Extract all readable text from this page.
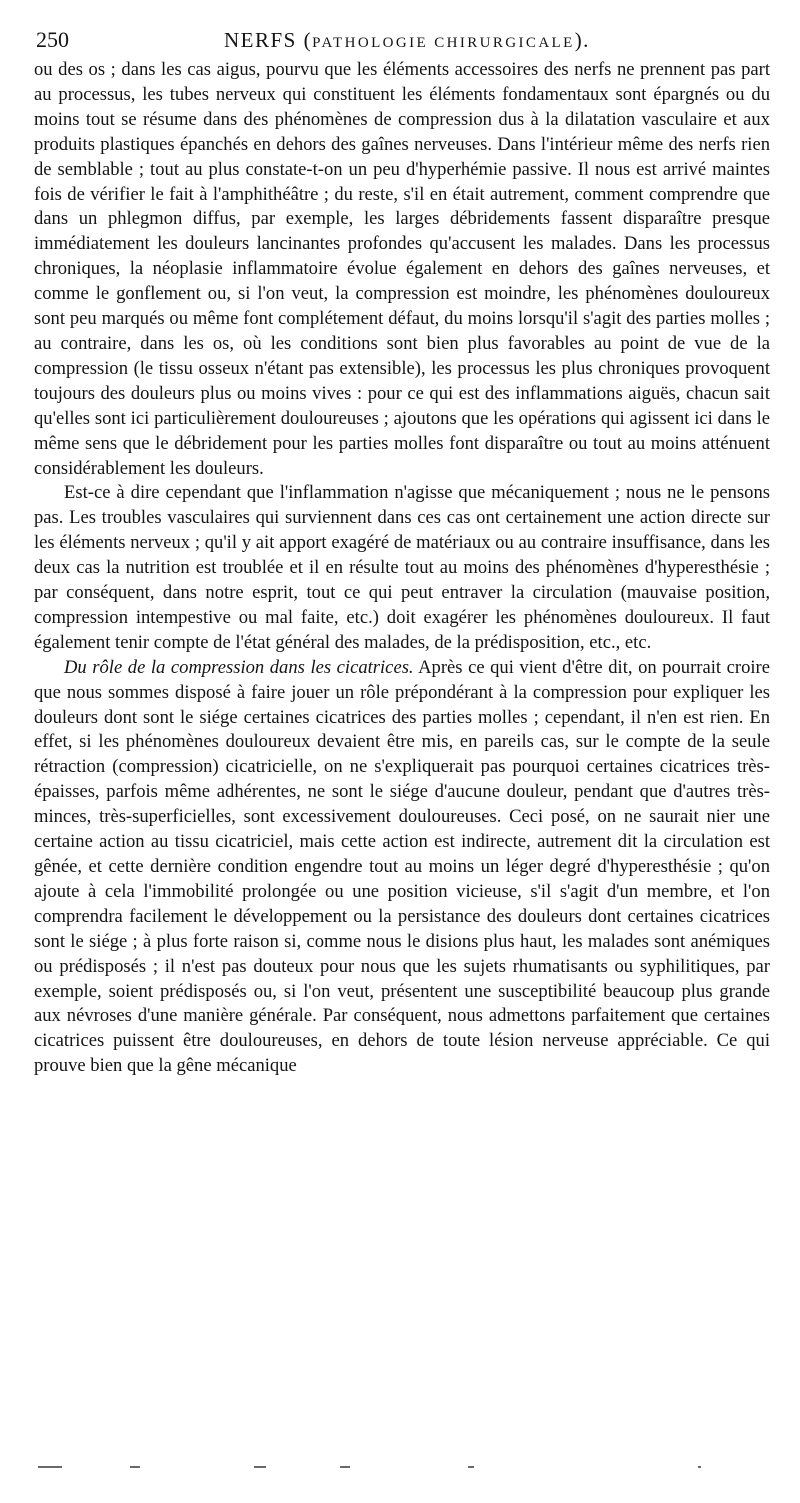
250	NERFS (PATHOLOGIE CHIRURGICALE).

ou des os ; dans les cas aigus, pourvu que les éléments accessoires des nerfs ne prennent pas part au processus, les tubes nerveux qui constituent les éléments fondamentaux sont épargnés ou du moins tout se résume dans des phénomènes de compression dus à la dilatation vasculaire et aux produits plastiques épanchés en dehors des gaînes nerveuses. Dans l'intérieur même des nerfs rien de semblable ; tout au plus constate-t-on un peu d'hyperhémie passive. Il nous est arrivé maintes fois de vérifier le fait à l'amphithéâtre ; du reste, s'il en était autrement, comment comprendre que dans un phlegmon diffus, par exemple, les larges débridements fassent disparaître presque immédiatement les douleurs lancinantes profondes qu'accusent les malades. Dans les processus chroniques, la néoplasie inflammatoire évolue également en dehors des gaînes nerveuses, et comme le gonflement ou, si l'on veut, la compression est moindre, les phénomènes douloureux sont peu marqués ou même font complétement défaut, du moins lorsqu'il s'agit des parties molles ; au contraire, dans les os, où les conditions sont bien plus favorables au point de vue de la compression (le tissu osseux n'étant pas extensible), les processus les plus chroniques provoquent toujours des douleurs plus ou moins vives : pour ce qui est des inflammations aiguës, chacun sait qu'elles sont ici particulièrement douloureuses ; ajoutons que les opérations qui agissent ici dans le même sens que le débridement pour les parties molles font disparaître ou tout au moins atténuent considérablement les douleurs.

Est-ce à dire cependant que l'inflammation n'agisse que mécaniquement ; nous ne le pensons pas. Les troubles vasculaires qui surviennent dans ces cas ont certainement une action directe sur les éléments nerveux ; qu'il y ait apport exagéré de matériaux ou au contraire insuffisance, dans les deux cas la nutrition est troublée et il en résulte tout au moins des phénomènes d'hyperesthésie ; par conséquent, dans notre esprit, tout ce qui peut entraver la circulation (mauvaise position, compression intempestive ou mal faite, etc.) doit exagérer les phénomènes douloureux. Il faut également tenir compte de l'état général des malades, de la prédisposition, etc., etc.

Du rôle de la compression dans les cicatrices. Après ce qui vient d'être dit, on pourrait croire que nous sommes disposé à faire jouer un rôle prépondérant à la compression pour expliquer les douleurs dont sont le siége certaines cicatrices des parties molles ; cependant, il n'en est rien. En effet, si les phénomènes douloureux devaient être mis, en pareils cas, sur le compte de la seule rétraction (compression) cicatricielle, on ne s'expliquerait pas pourquoi certaines cicatrices très-épaisses, parfois même adhérentes, ne sont le siége d'aucune douleur, pendant que d'autres très-minces, très-superficielles, sont excessivement douloureuses. Ceci posé, on ne saurait nier une certaine action au tissu cicatriciel, mais cette action est indirecte, autrement dit la circulation est gênée, et cette dernière condition engendre tout au moins un léger degré d'hyperesthésie ; qu'on ajoute à cela l'immobilité prolongée ou une position vicieuse, s'il s'agit d'un membre, et l'on comprendra facilement le développement ou la persistance des douleurs dont certaines cicatrices sont le siége ; à plus forte raison si, comme nous le disions plus haut, les malades sont anémiques ou prédisposés ; il n'est pas douteux pour nous que les sujets rhumatisants ou syphilitiques, par exemple, soient prédisposés ou, si l'on veut, présentent une susceptibilité beaucoup plus grande aux névroses d'une manière générale. Par conséquent, nous admettons parfaitement que certaines cicatrices puissent être douloureuses, en dehors de toute lésion nerveuse appréciable. Ce qui prouve bien que la gêne mécanique
